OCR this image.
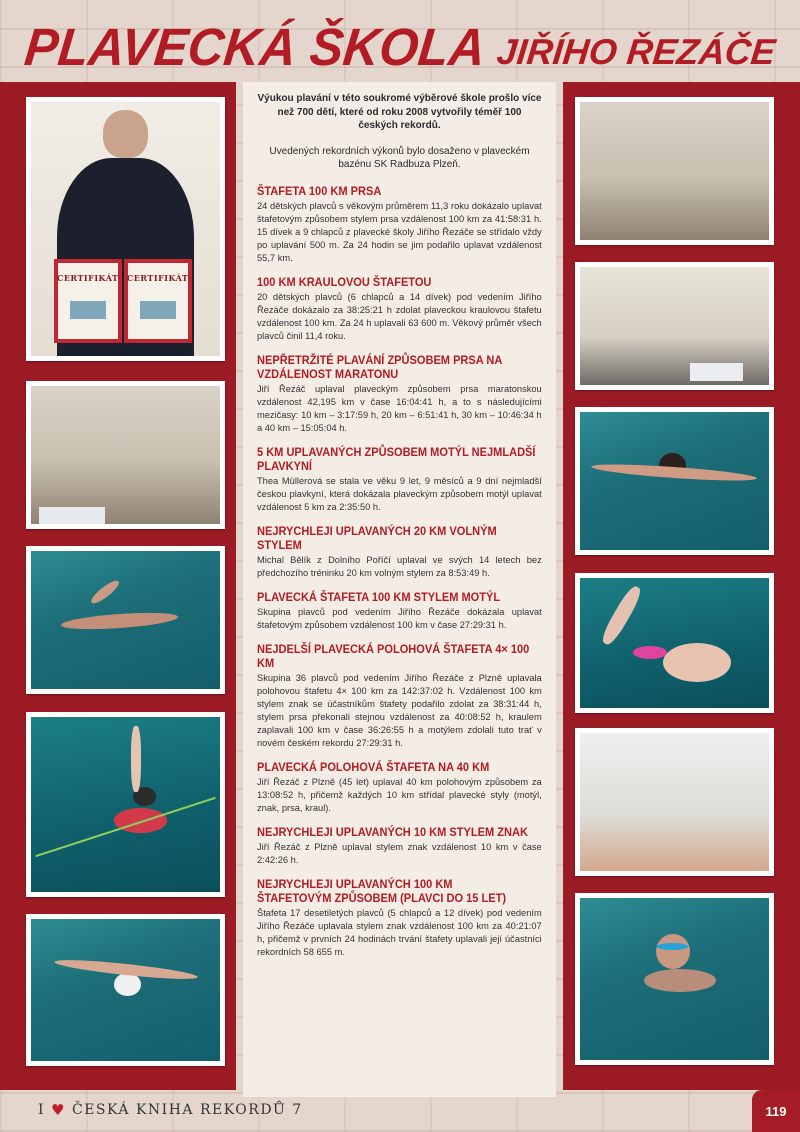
PLAVECKÁ ŠKOLA JIŘÍHO ŘEZÁČE
CERTIFIKÁT CERTIFIKÁT

Výukou plavání v této soukromé výběrové škole prošlo více než 700 dětí, které od roku 2008 vytvořily téměř 100 českých rekordů.

Uvedených rekordních výkonů bylo dosaženo v plaveckém bazénu SK Radbuza Plzeň.

ŠTAFETA 100 KM PRSA

24 dětských plavců s věkovým průměrem 11,3 roku dokázalo uplavat štafetovým způsobem stylem prsa vzdálenost 100 km za 41:58:31 h. 15 dívek a 9 chlapců z plavecké školy Jiřího Řezáče se střídalo vždy po uplavání 500 m. Za 24 hodin se jim podařilo uplavat vzdálenost 55,7 km.

100 KM KRAULOVOU ŠTAFETOU

20 dětských plavců (6 chlapců a 14 dívek) pod vedením Jiřího Řezáče dokázalo za 38:25:21 h zdolat plaveckou kraulovou štafetu vzdálenost 100 km. Za 24 h uplavali 63 600 m. Věkový průměr všech plavců činil 11,4 roku.

NEPŘETRŽITÉ PLAVÁNÍ ZPŮSOBEM PRSA NA VZDÁLENOST MARATONU

Jiří Řezáč uplaval plaveckým způsobem prsa maratonskou vzdálenost 42,195 km v čase 16:04:41 h, a to s následujícími mezičasy: 10 km – 3:17:59 h, 20 km – 6:51:41 h, 30 km – 10:46:34 h a 40 km – 15:05:04 h.

5 KM UPLAVANÝCH ZPŮSOBEM MOTÝL NEJMLADŠÍ PLAVKYNÍ

Thea Müllerová se stala ve věku 9 let, 9 měsíců a 9 dní nejmladší českou plavkyní, která dokázala plaveckým způsobem motýl uplavat vzdálenost 5 km za 2:35:50 h.

NEJRYCHLEJI UPLAVANÝCH 20 KM VOLNÝM STYLEM

Michal Bělík z Dolního Poříčí uplaval ve svých 14 letech bez předchozího tréninku 20 km volným stylem za 8:53:49 h.

PLAVECKÁ ŠTAFETA 100 KM STYLEM MOTÝL

Skupina plavců pod vedením Jiřího Řezáče dokázala uplavat štafetovým způsobem vzdálenost 100 km v čase 27:29:31 h.

NEJDELŠÍ PLAVECKÁ POLOHOVÁ ŠTAFETA 4× 100 KM

Skupina 36 plavců pod vedením Jiřího Řezáče z Plzně uplavala polohovou štafetu 4× 100 km za 142:37:02 h. Vzdálenost 100 km stylem znak se účastníkům štafety podařilo zdolat za 38:31:44 h, stylem prsa překonali stejnou vzdálenost za 40:08:52 h, kraulem zaplavali 100 km v čase 36:26:55 h a motýlem zdolali tuto trať v novém českém rekordu 27:29:31 h.

PLAVECKÁ POLOHOVÁ ŠTAFETA NA 40 KM

Jiří Řezáč z Plzně (45 let) uplaval 40 km polohovým způsobem za 13:08:52 h, přičemž každých 10 km střídal plavecké styly (motýl, znak, prsa, kraul).

NEJRYCHLEJI UPLAVANÝCH 10 KM STYLEM ZNAK

Jiří Řezáč z Plzně uplaval stylem znak vzdálenost 10 km v čase 2:42:26 h.

NEJRYCHLEJI UPLAVANÝCH 100 KM ŠTAFETOVÝM ZPŮSOBEM (PLAVCI DO 15 LET)

Štafeta 17 desetiletých plavců (5 chlapců a 12 dívek) pod vedením Jiřího Řezáče uplavala stylem znak vzdálenost 100 km za 40:21:07 h, přičemž v prvních 24 hodinách trvání štafety uplavali její účastníci rekordních 58 655 m.

I ♥ ČESKÁ KNIHA REKORDŮ 7	119
